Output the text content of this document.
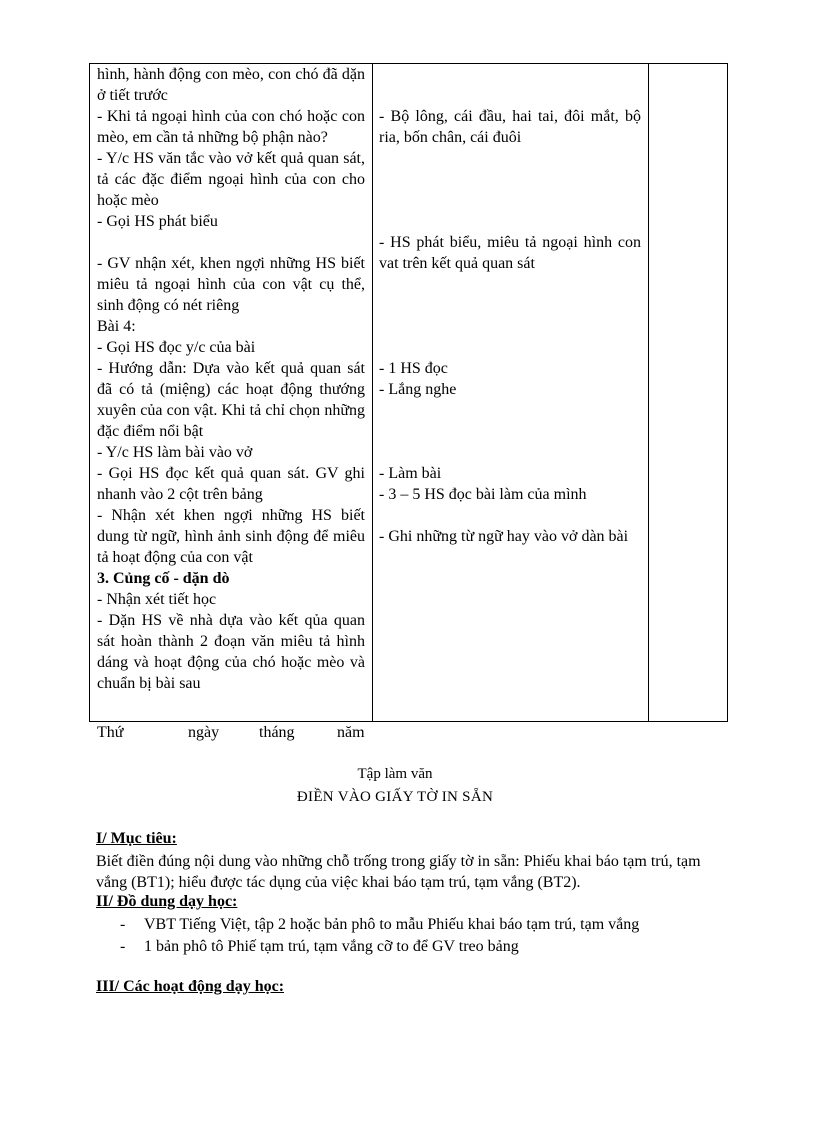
hình, hành động con mèo, con chó đã dặn ở tiết trước

- Khi tả ngoại hình của con chó hoặc con mèo, em cần tả những bộ phận nào?

- Y/c HS văn tắc vào vở kết quả quan sát, tả các đặc điểm ngoại hình của con cho hoặc mèo

- Gọi HS phát biểu

- GV nhận xét, khen ngợi những HS biết miêu tả ngoại hình của con vật cụ thể, sinh động có nét riêng

Bài 4:

- Gọi HS đọc y/c của bài

- Hướng dẫn: Dựa vào kết quả quan sát đã có tả (miệng) các hoạt động thướng xuyên của con vật. Khi tả chỉ chọn những đặc điểm nổi bật

- Y/c HS làm bài vào vở

- Gọi HS đọc kết quả quan sát. GV ghi nhanh vào 2 cột trên bảng

- Nhận xét khen ngợi những HS biết dung từ ngữ, hình ảnh sinh động để miêu tả hoạt động của con vật

3. Củng cố - dặn dò

- Nhận xét tiết học

- Dặn HS về nhà dựa vào kết qủa quan sát hoàn thành 2 đoạn văn miêu tả hình dáng và hoạt động của chó hoặc mèo và chuẩn bị bài sau

- Bộ lông, cái đầu, hai tai, đôi mắt, bộ ria, bốn chân, cái đuôi

- HS phát biểu, miêu tả ngoại hình con vat trên kết quả quan sát

- 1 HS đọc

- Lắng nghe

- Làm bài

- 3 – 5 HS đọc bài làm của mình

- Ghi những từ ngữ hay vào vở dàn bài

Thứ	ngày tháng	năm
Tập làm văn
ĐIỀN VÀO GIẤY TỜ IN SẴN
I/ Mục tiêu:

Biết điền đúng nội dung vào những chỗ trống trong giấy tờ in sẵn: Phiếu khai báo tạm trú, tạm vắng (BT1); hiểu được tác dụng của việc khai báo tạm trú, tạm vắng (BT2).

II/ Đồ dung dạy học:
- VBT Tiếng Việt, tập 2 hoặc bản phô to mẫu Phiếu khai báo tạm trú, tạm vắng
- 1 bản phô tô Phiế tạm trú, tạm vắng cỡ to để GV treo bảng
III/ Các hoạt động dạy học:
